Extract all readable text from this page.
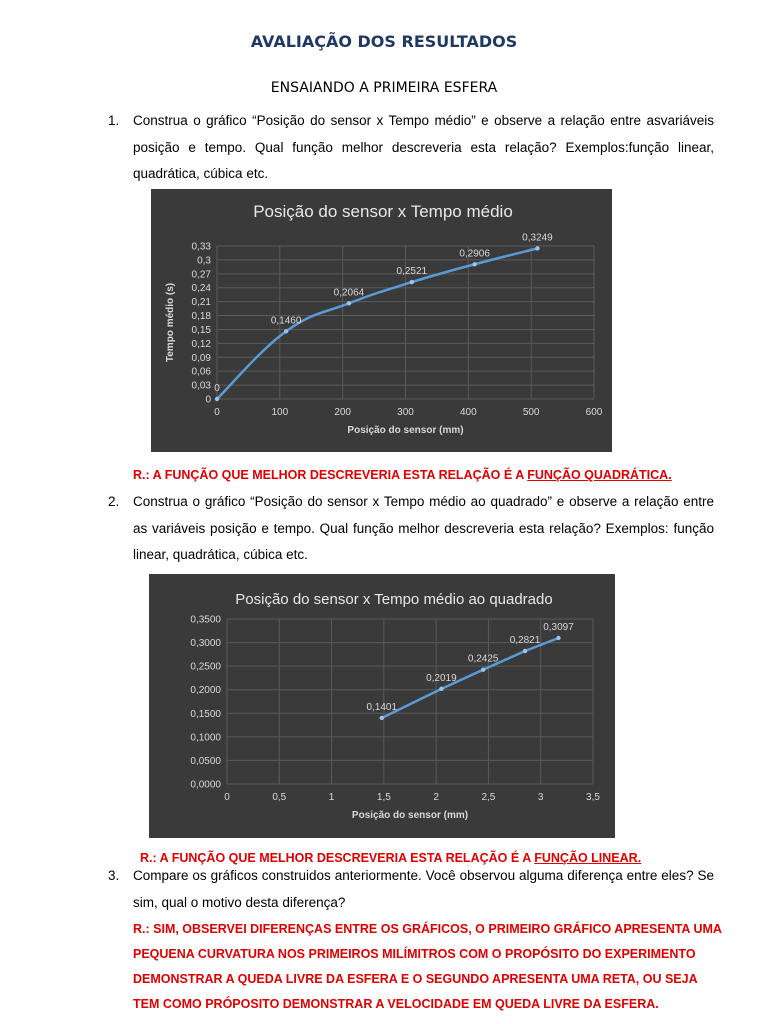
AVALIAÇÃO DOS RESULTADOS
ENSAIANDO A PRIMEIRA ESFERA
1. Construa o gráfico “Posição do sensor x Tempo médio” e observe a relação entre asvariáveis posição e tempo. Qual função melhor descreveria esta relação? Exemplos:função linear, quadrática, cúbica etc.
Posição do sensor x Tempo médio
0
0,03
0,06
0,09
0,12
0,15
0,18
0,21
0,24
0,27
0,3
0,33
0	100	200	300	400	500	600
Posição do sensor (mm)
Tempo médio (s)
0
0,1460
0,2064
0,2521
0,2906
0,3249
R.: A FUNÇÃO QUE MELHOR DESCREVERIA ESTA RELAÇÃO É A FUNÇÃO QUADRÁTICA.
2. Construa o gráfico “Posição do sensor x Tempo médio ao quadrado” e observe a relação entre as variáveis posição e tempo. Qual função melhor descreveria esta relação? Exemplos: função linear, quadrática, cúbica etc.
Posição do sensor x Tempo médio ao quadrado
0,0000
0,0500
0,1000
0,1500
0,2000
0,2500
0,3000
0,3500
0	0,5	1	1,5	2	2,5	3	3,5
Posição do sensor (mm)
0,1401
0,2019
0,2425
0,2821
0,3097
R.: A FUNÇÃO QUE MELHOR DESCREVERIA ESTA RELAÇÃO É A FUNÇÃO LINEAR.
3. Compare os gráficos construidos anteriormente. Você observou alguma diferença entre eles? Se sim, qual o motivo desta diferença?
R.: SIM, OBSERVEI DIFERENÇAS ENTRE OS GRÁFICOS, O PRIMEIRO GRÁFICO APRESENTA UMA PEQUENA CURVATURA NOS PRIMEIROS MILÍMITROS COM O PROPÓSITO DO EXPERIMENTO DEMONSTRAR A QUEDA LIVRE DA ESFERA E O SEGUNDO APRESENTA UMA RETA, OU SEJA TEM COMO PRÓPOSITO DEMONSTRAR A VELOCIDADE EM QUEDA LIVRE DA ESFERA.
